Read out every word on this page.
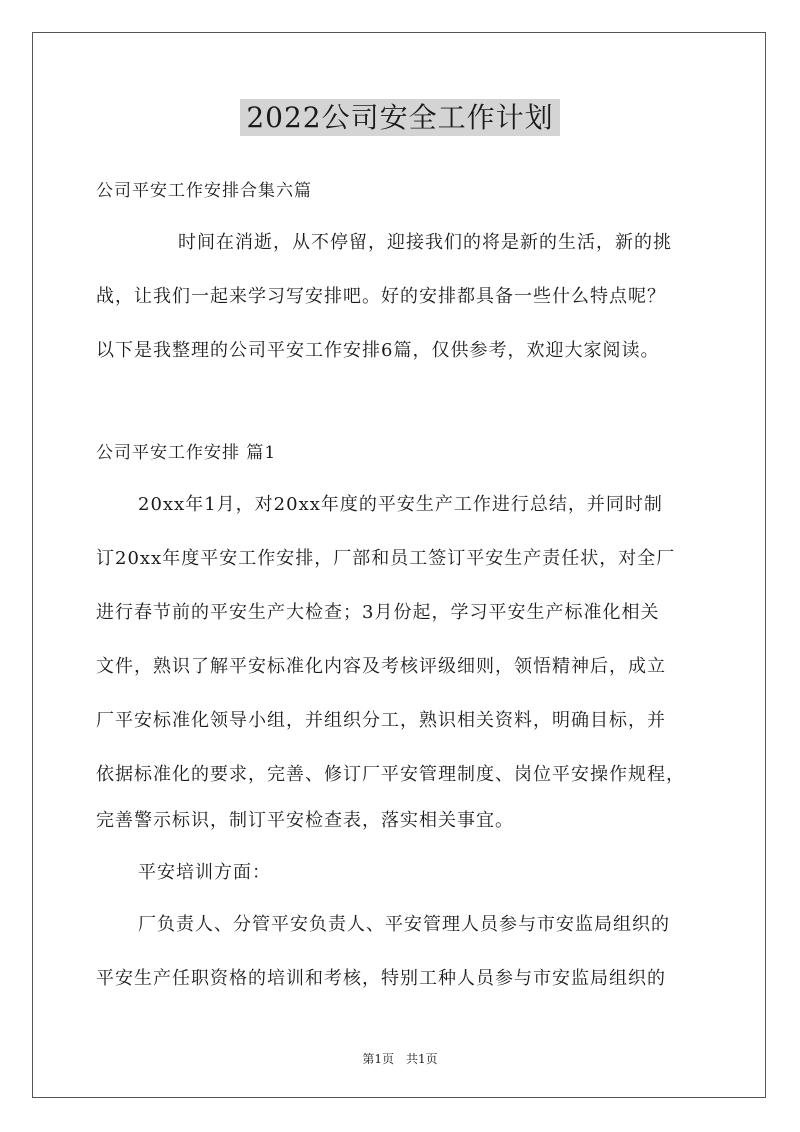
2022公司安全工作计划
公司平安工作安排合集六篇
时间在消逝，从不停留，迎接我们的将是新的生活，新的挑
战，让我们一起来学习写安排吧。好的安排都具备一些什么特点呢？
以下是我整理的公司平安工作安排6篇，仅供参考，欢迎大家阅读。
公司平安工作安排 篇1
20xx年1月，对20xx年度的平安生产工作进行总结，并同时制
订20xx年度平安工作安排，厂部和员工签订平安生产责任状，对全厂
进行春节前的平安生产大检查；3月份起，学习平安生产标准化相关
文件，熟识了解平安标准化内容及考核评级细则，领悟精神后，成立
厂平安标准化领导小组，并组织分工，熟识相关资料，明确目标，并
依据标准化的要求，完善、修订厂平安管理制度、岗位平安操作规程，
完善警示标识，制订平安检查表，落实相关事宜。
平安培训方面：
厂负责人、分管平安负责人、平安管理人员参与市安监局组织的
平安生产任职资格的培训和考核，特别工种人员参与市安监局组织的
第1页　共1页
